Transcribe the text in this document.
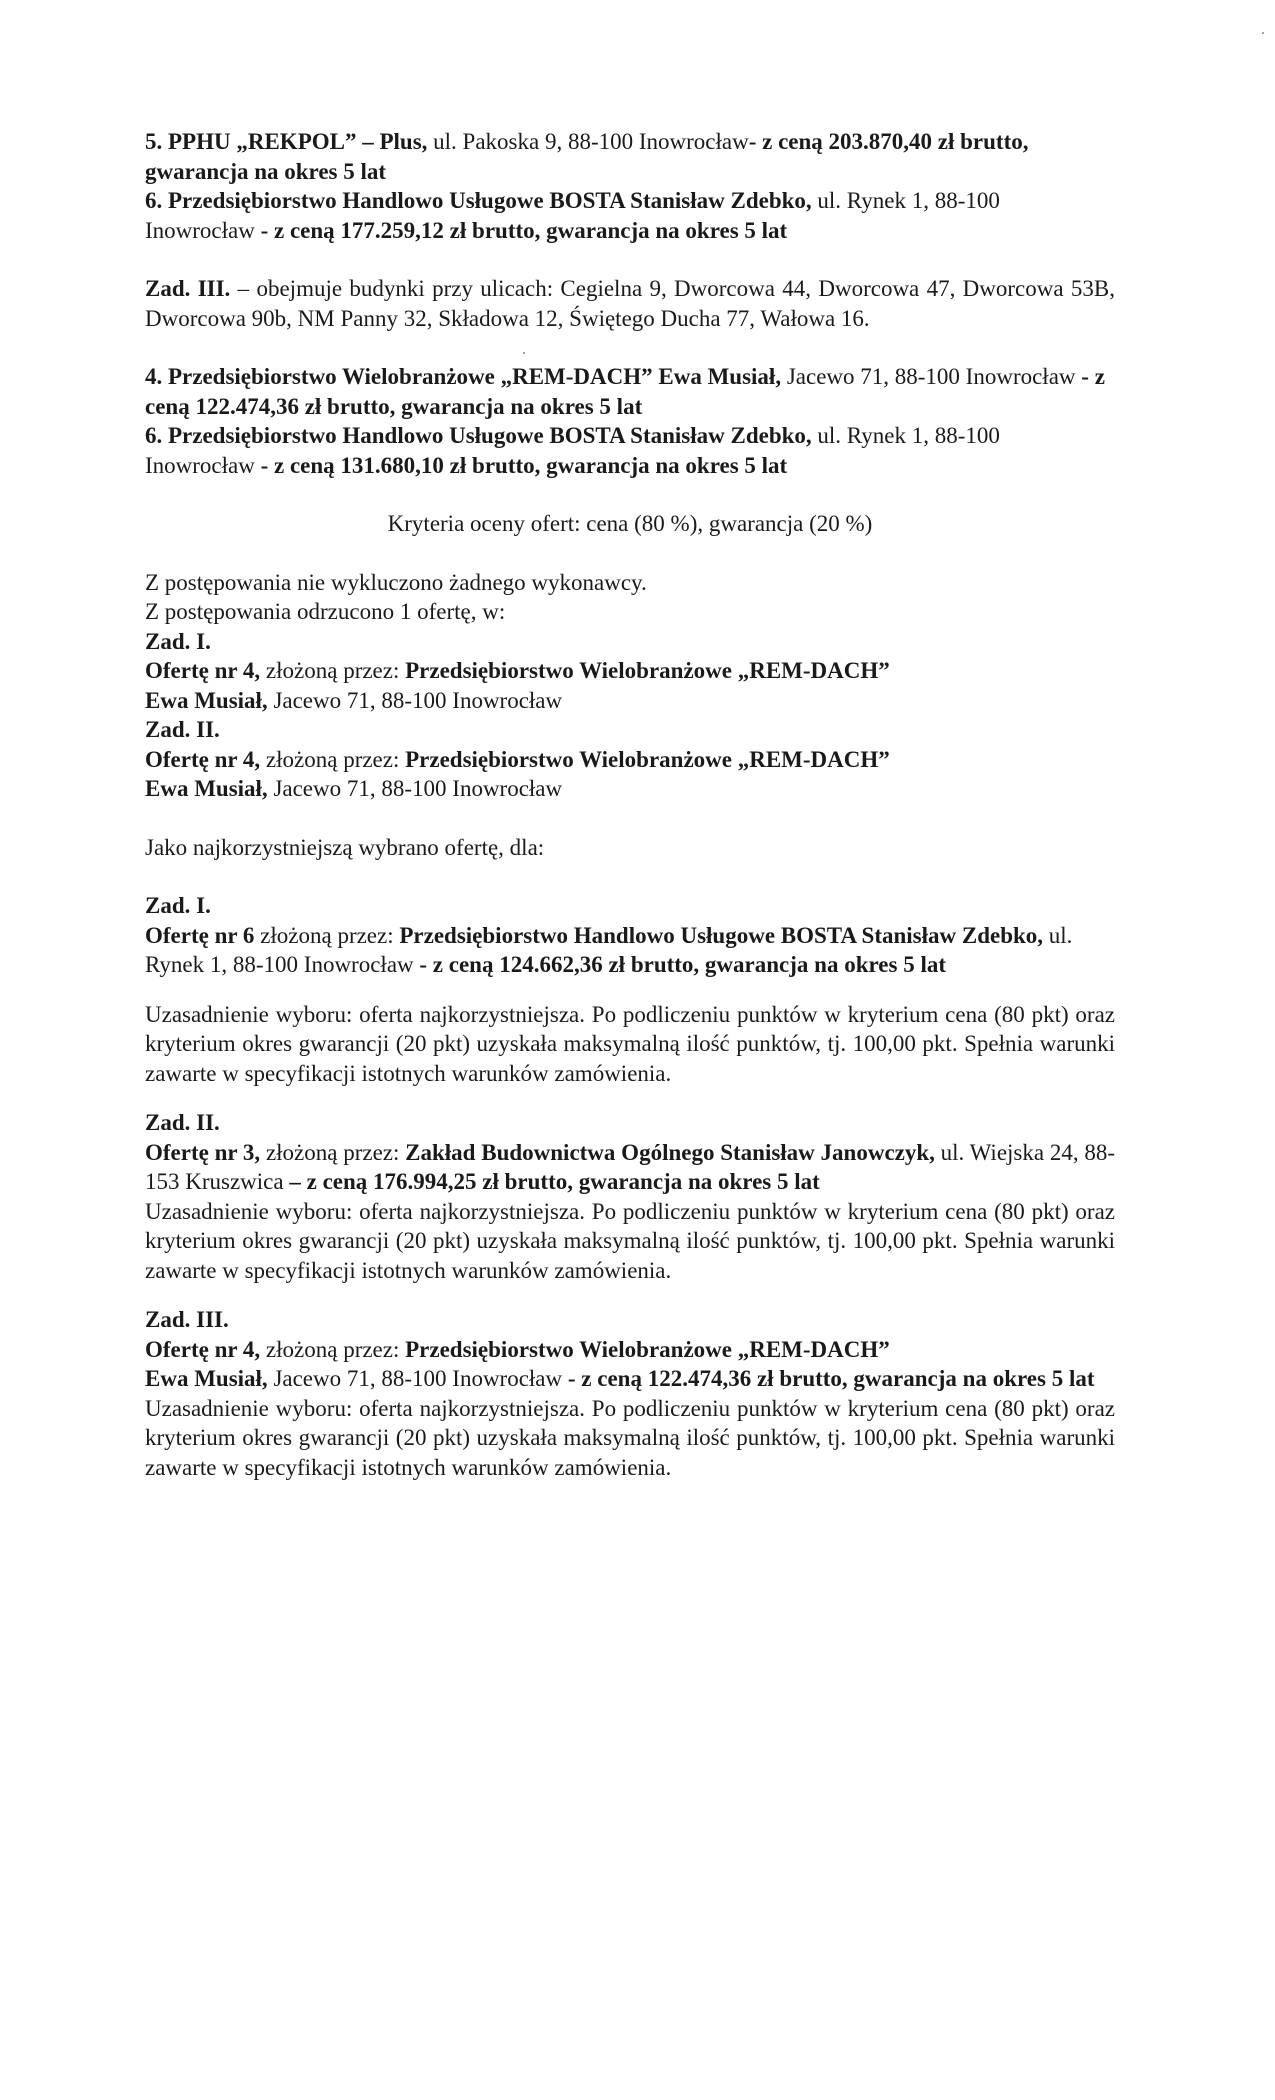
5. PPHU „REKPOL” – Plus, ul. Pakoska 9, 88-100 Inowrocław- z ceną 203.870,40 zł brutto, gwarancja na okres 5 lat

6. Przedsiębiorstwo Handlowo Usługowe BOSTA Stanisław Zdebko, ul. Rynek 1, 88-100 Inowrocław - z ceną 177.259,12 zł brutto, gwarancja na okres 5 lat

Zad. III. – obejmuje budynki przy ulicach: Cegielna 9, Dworcowa 44, Dworcowa 47, Dworcowa 53B, Dworcowa 90b, NM Panny 32, Składowa 12, Świętego Ducha 77, Wałowa 16.

4. Przedsiębiorstwo Wielobranżowe „REM-DACH” Ewa Musiał, Jacewo 71, 88-100 Inowrocław - z ceną 122.474,36 zł brutto, gwarancja na okres 5 lat

6. Przedsiębiorstwo Handlowo Usługowe BOSTA Stanisław Zdebko, ul. Rynek 1, 88-100 Inowrocław - z ceną 131.680,10 zł brutto, gwarancja na okres 5 lat

Kryteria oceny ofert: cena (80 %), gwarancja (20 %)

Z postępowania nie wykluczono żadnego wykonawcy.

Z postępowania odrzucono 1 ofertę, w:

Zad. I.

Ofertę nr 4, złożoną przez: Przedsiębiorstwo Wielobranżowe „REM-DACH”

Ewa Musiał, Jacewo 71, 88-100 Inowrocław

Zad. II.

Ofertę nr 4, złożoną przez: Przedsiębiorstwo Wielobranżowe „REM-DACH”

Ewa Musiał, Jacewo 71, 88-100 Inowrocław

Jako najkorzystniejszą wybrano ofertę, dla:

Zad. I.

Ofertę nr 6 złożoną przez: Przedsiębiorstwo Handlowo Usługowe BOSTA Stanisław Zdebko, ul. Rynek 1, 88-100 Inowrocław - z ceną 124.662,36 zł brutto, gwarancja na okres 5 lat

Uzasadnienie wyboru: oferta najkorzystniejsza. Po podliczeniu punktów w kryterium cena (80 pkt) oraz kryterium okres gwarancji (20 pkt) uzyskała maksymalną ilość punktów, tj. 100,00 pkt. Spełnia warunki zawarte w specyfikacji istotnych warunków zamówienia.

Zad. II.

Ofertę nr 3, złożoną przez: Zakład Budownictwa Ogólnego Stanisław Janowczyk, ul. Wiejska 24, 88-153 Kruszwica – z ceną 176.994,25 zł brutto, gwarancja na okres 5 lat

Uzasadnienie wyboru: oferta najkorzystniejsza. Po podliczeniu punktów w kryterium cena (80 pkt) oraz kryterium okres gwarancji (20 pkt) uzyskała maksymalną ilość punktów, tj. 100,00 pkt. Spełnia warunki zawarte w specyfikacji istotnych warunków zamówienia.

Zad. III.

Ofertę nr 4, złożoną przez: Przedsiębiorstwo Wielobranżowe „REM-DACH”

Ewa Musiał, Jacewo 71, 88-100 Inowrocław - z ceną 122.474,36 zł brutto, gwarancja na okres 5 lat

Uzasadnienie wyboru: oferta najkorzystniejsza. Po podliczeniu punktów w kryterium cena (80 pkt) oraz kryterium okres gwarancji (20 pkt) uzyskała maksymalną ilość punktów, tj. 100,00 pkt. Spełnia warunki zawarte w specyfikacji istotnych warunków zamówienia.
